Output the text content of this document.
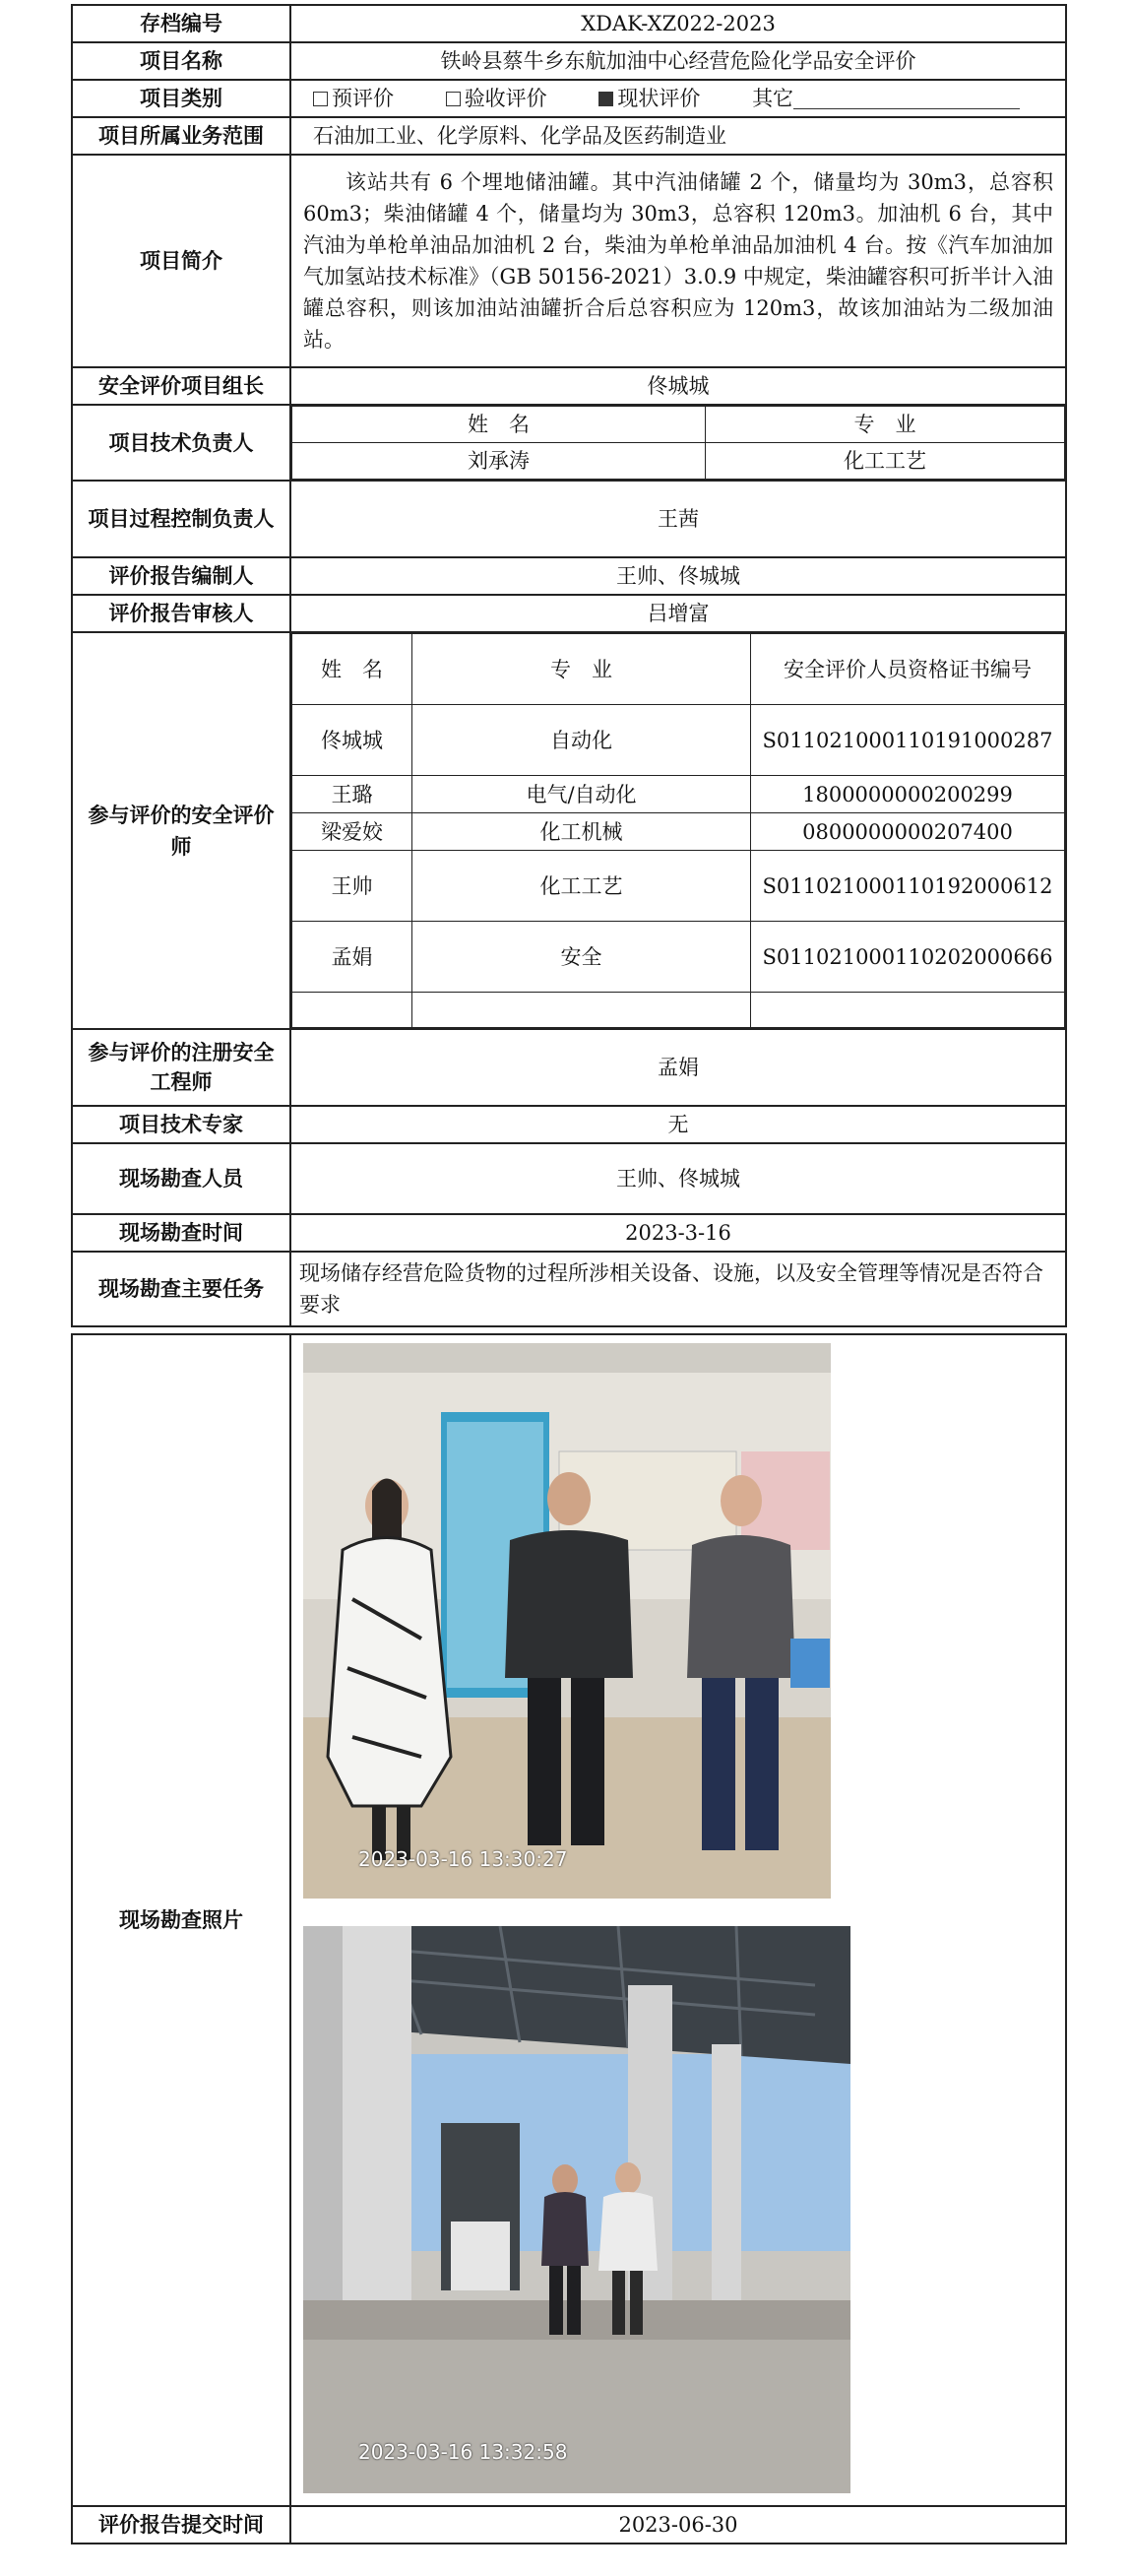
存档编号	XDAK-XZ022-2023
项目名称	铁岭县蔡牛乡东航加油中心经营危险化学品安全评价
项目类别	预评价	验收评价	现状评价	其它
项目所属业务范围	石油加工业、化学原料、化学品及医药制造业
项目简介	该站共有 6 个埋地储油罐。其中汽油储罐 2 个，储量均为 30m3，总容积 60m3；柴油储罐 4 个，储量均为 30m3，总容积 120m3。加油机 6 台，其中汽油为单枪单油品加油机 2 台，柴油为单枪单油品加油机 4 台。按《汽车加油加气加氢站技术标准》（GB 50156-2021）3.0.9 中规定，柴油罐容积可折半计入油罐总容积，则该加油站油罐折合后总容积应为 120m3，故该加油站为二级加油站。
安全评价项目组长	佟城城
项目技术负责人	
姓　名	专　业
刘承涛	化工工艺

项目过程控制负责人	王茜
评价报告编制人	王帅、佟城城
评价报告审核人	吕增富
参与评价的安全评价师	
姓　名	专　业	安全评价人员资格证书编号
佟城城	自动化	S011021000110191000287
王璐	电气/自动化	1800000000200299
梁爱姣	化工机械	0800000000207400
王帅	化工工艺	S011021000110192000612
孟娟	安全	S011021000110202000666

参与评价的注册安全工程师	孟娟
项目技术专家	无
现场勘查人员	王帅、佟城城
现场勘查时间	2023-3-16
现场勘查主要任务	现场储存经营危险货物的过程所涉相关设备、设施，以及安全管理等情况是否符合要求
现场勘查照片	2023-03-16 13:30:27
2023-03-16 13:32:58

评价报告提交时间	2023-06-30
